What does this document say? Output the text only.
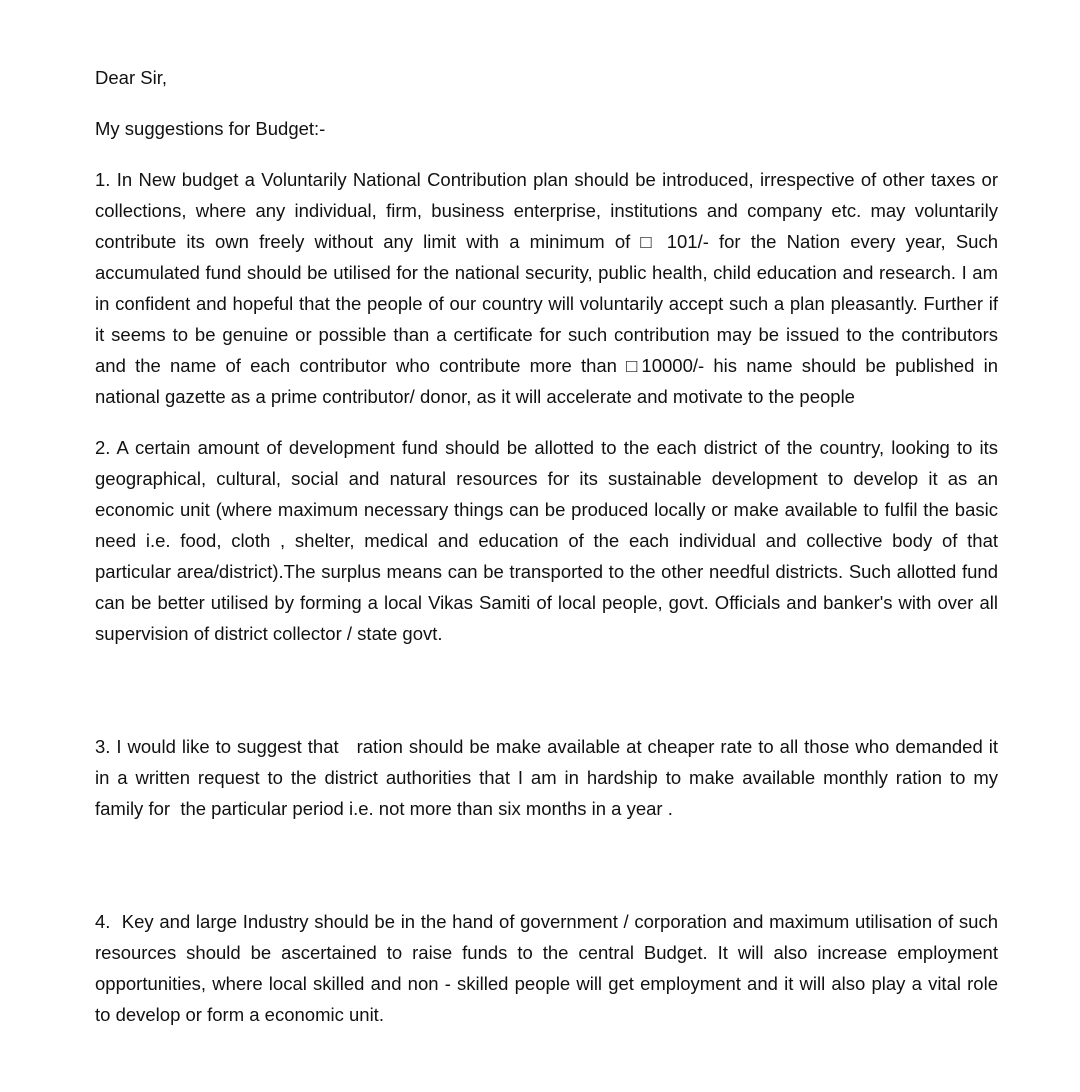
Dear Sir,

My suggestions for Budget:-

1. In New budget a Voluntarily National Contribution plan should be introduced, irrespective of other taxes or collections, where any individual, firm, business enterprise, institutions and company etc. may voluntarily contribute its own freely without any limit with a minimum of □ 101/- for the Nation every year, Such accumulated fund should be utilised for the national security, public health, child education and research. I am in confident and hopeful that the people of our country will voluntarily accept such a plan pleasantly. Further if it seems to be genuine or possible than a certificate for such contribution may be issued to the contributors and the name of each contributor who contribute more than □10000/- his name should be published in national gazette as a prime contributor/ donor, as it will accelerate and motivate to the people

2. A certain amount of development fund should be allotted to the each district of the country, looking to its geographical, cultural, social and natural resources for its sustainable development to develop it as an economic unit (where maximum necessary things can be produced locally or make available to fulfil the basic need i.e. food, cloth , shelter, medical and education of the each individual and collective body of that particular area/district).The surplus means can be transported to the other needful districts. Such allotted fund can be better utilised by forming a local Vikas Samiti of local people, govt. Officials and banker's with over all supervision of district collector / state govt.

3. I would like to suggest that   ration should be make available at cheaper rate to all those who demanded it in a written request to the district authorities that I am in hardship to make available monthly ration to my family for  the particular period i.e. not more than six months in a year .

4.  Key and large Industry should be in the hand of government / corporation and maximum utilisation of such resources should be ascertained to raise funds to the central Budget. It will also increase employment opportunities, where local skilled and non - skilled people will get employment and it will also play a vital role to develop or form a economic unit.
